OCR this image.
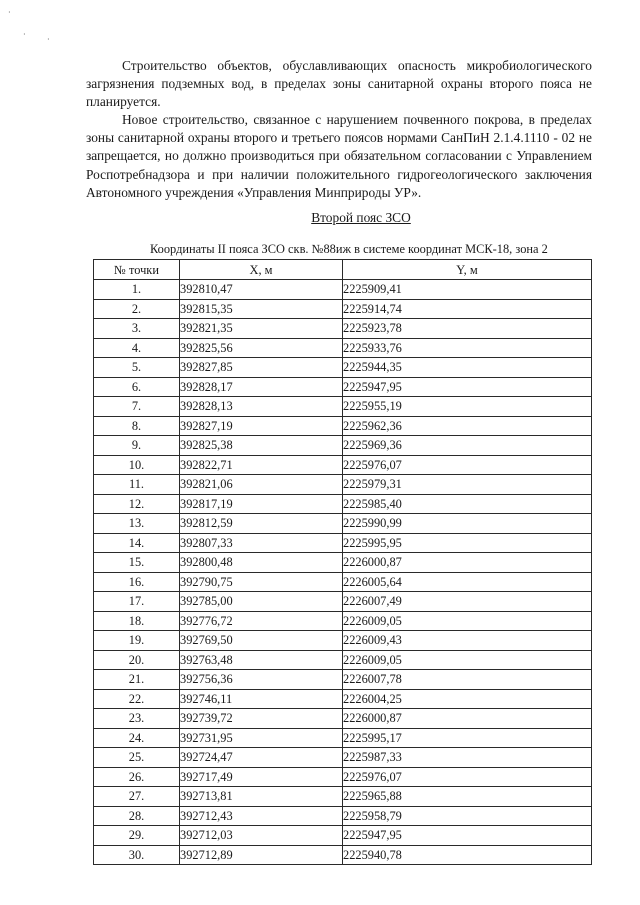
·
·
·

Строительство объектов, обуславливающих опасность микробиологического загрязнения подземных вод, в пределах зоны санитарной охраны второго пояса не планируется.

Новое строительство, связанное с нарушением почвенного покрова, в пределах зоны санитарной охраны второго и третьего поясов нормами СанПиН 2.1.4.1110 - 02 не запрещается, но должно производиться при обязательном согласовании с Управлением Роспотребнадзора и при наличии положительного гидрогеологического заключения Автономного учреждения «Управления Минприроды УР».

Второй пояс ЗСО
Координаты II пояса ЗСО скв. №88иж в системе координат МСК-18, зона 2
№ точки	X, м	Y, м
1.	392810,47	2225909,41
2.	392815,35	2225914,74
3.	392821,35	2225923,78
4.	392825,56	2225933,76
5.	392827,85	2225944,35
6.	392828,17	2225947,95
7.	392828,13	2225955,19
8.	392827,19	2225962,36
9.	392825,38	2225969,36
10.	392822,71	2225976,07
11.	392821,06	2225979,31
12.	392817,19	2225985,40
13.	392812,59	2225990,99
14.	392807,33	2225995,95
15.	392800,48	2226000,87
16.	392790,75	2226005,64
17.	392785,00	2226007,49
18.	392776,72	2226009,05
19.	392769,50	2226009,43
20.	392763,48	2226009,05
21.	392756,36	2226007,78
22.	392746,11	2226004,25
23.	392739,72	2226000,87
24.	392731,95	2225995,17
25.	392724,47	2225987,33
26.	392717,49	2225976,07
27.	392713,81	2225965,88
28.	392712,43	2225958,79
29.	392712,03	2225947,95
30.	392712,89	2225940,78
